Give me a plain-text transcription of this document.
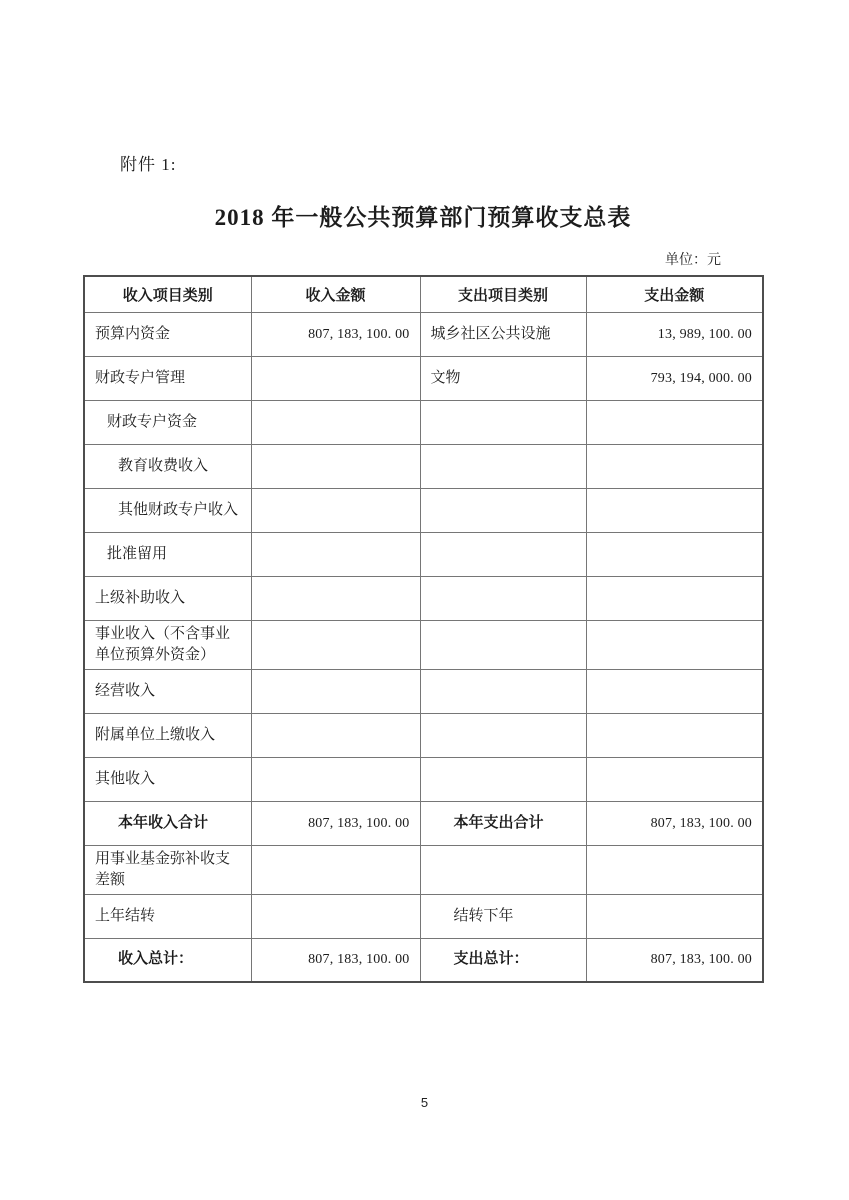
附件 1:
2018 年一般公共预算部门预算收支总表
单位：元
收入项目类别	收入金额	支出项目类别	支出金额
预算内资金	807, 183, 100. 00	城乡社区公共设施	13, 989, 100. 00
财政专户管理		文物	793, 194, 000. 00
财政专户资金			
教育收费收入			
其他财政专户收入			
批准留用			
上级补助收入			
事业收入（不含事业单位预算外资金）			
经营收入			
附属单位上缴收入			
其他收入			
本年收入合计	807, 183, 100. 00	本年支出合计	807, 183, 100. 00
用事业基金弥补收支差额			
上年结转		结转下年	
收入总计：	807, 183, 100. 00	支出总计：	807, 183, 100. 00
5
